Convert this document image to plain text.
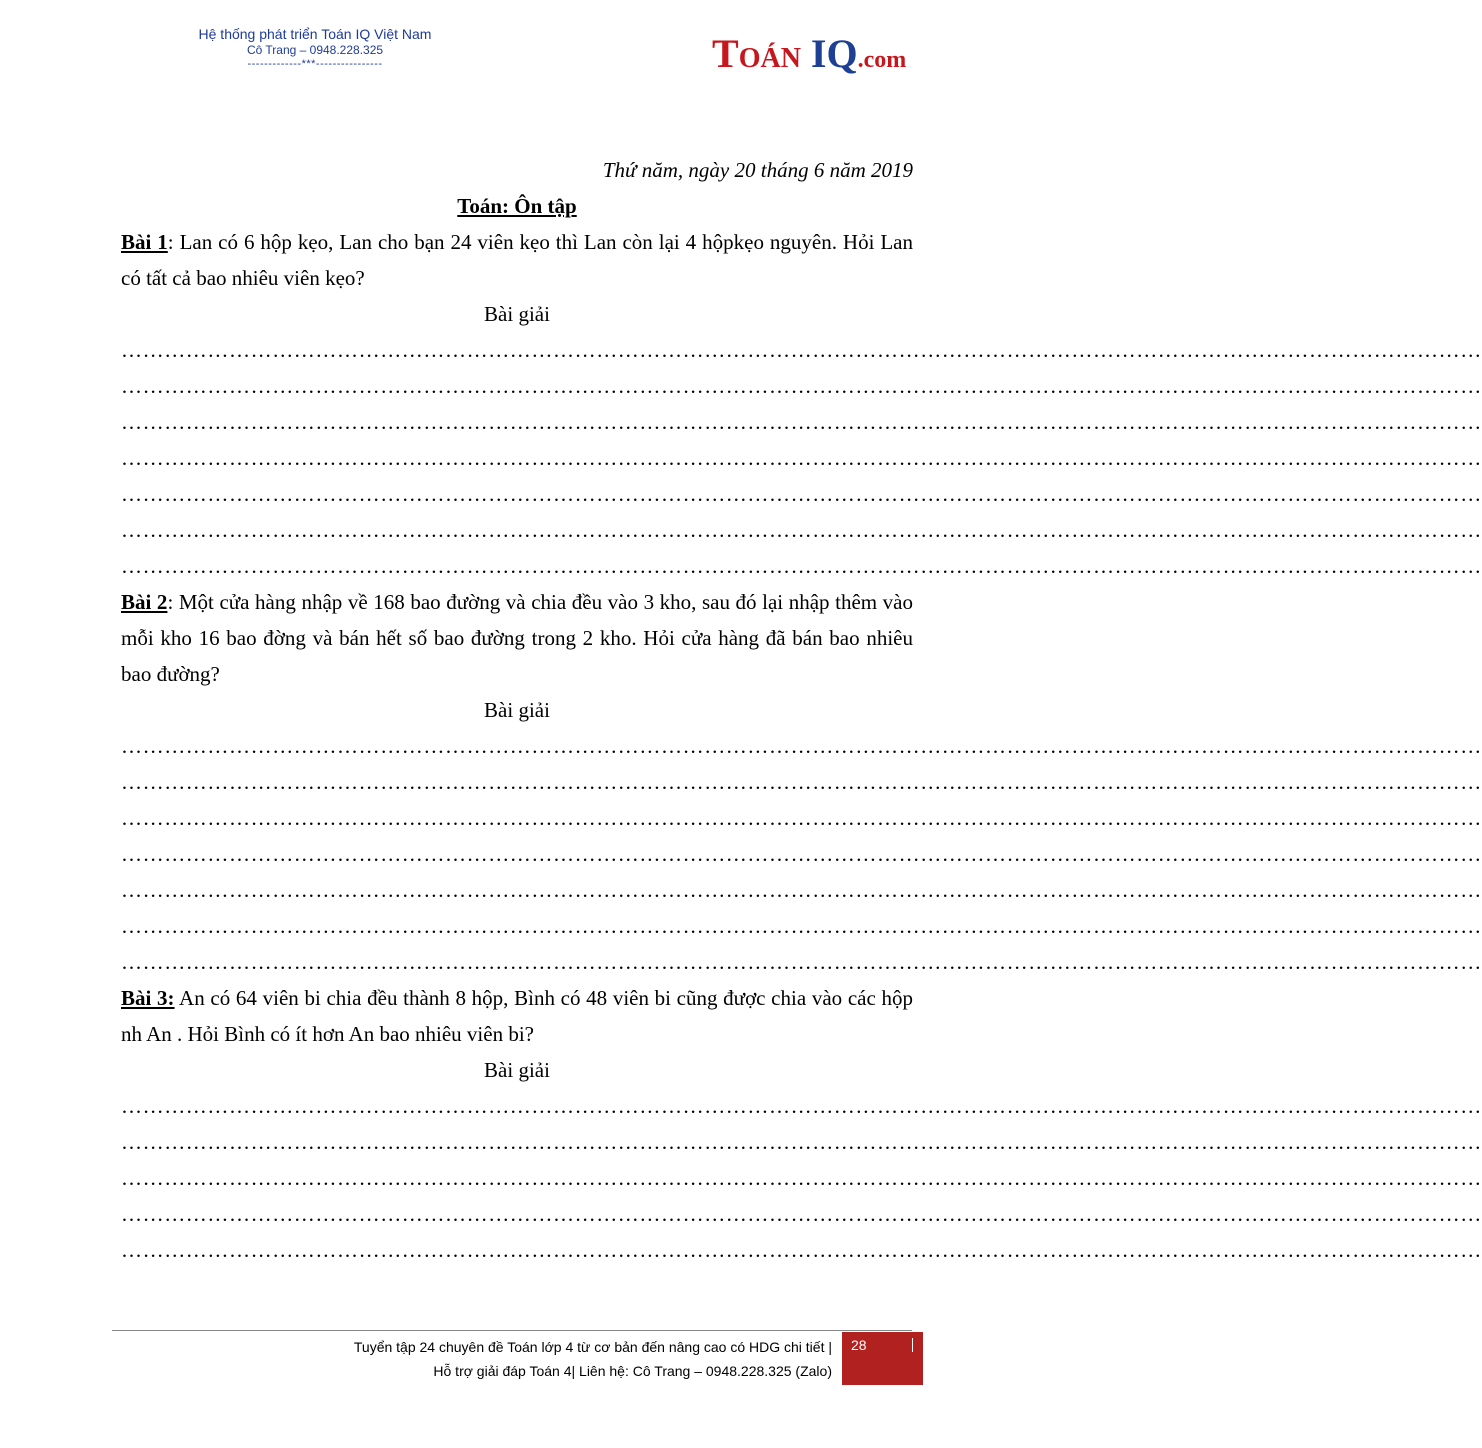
Hệ thống phát triển Toán IQ Việt Nam
Cô Trang – 0948.228.325
-------------***----------------	TOÁN IQ.com
Thứ năm, ngày 20 tháng 6 năm 2019
Toán: Ôn tập
Bài 1: Lan có 6 hộp kẹo, Lan cho bạn 24 viên kẹo thì Lan còn lại 4 hộpkẹo nguyên. Hỏi Lan có tất cả bao nhiêu viên kẹo?
Bài giải
………………………………………………………………………………………………………………………………………………………………………
………………………………………………………………………………………………………………………………………………………………………
………………………………………………………………………………………………………………………………………………………………………
………………………………………………………………………………………………………………………………………………………………………
………………………………………………………………………………………………………………………………………………………………………
………………………………………………………………………………………………………………………………………………………………………
………………………………………………………………………………………………………………………………………………………………………
Bài 2: Một cửa hàng nhập về 168 bao đường và chia đều vào 3 kho, sau đó lại nhập thêm vào mỗi kho 16 bao đờng và bán hết số bao đường trong 2 kho. Hỏi cửa hàng đã bán bao nhiêu bao đường?
Bài giải
………………………………………………………………………………………………………………………………………………………………………
………………………………………………………………………………………………………………………………………………………………………
………………………………………………………………………………………………………………………………………………………………………
………………………………………………………………………………………………………………………………………………………………………
………………………………………………………………………………………………………………………………………………………………………
………………………………………………………………………………………………………………………………………………………………………
………………………………………………………………………………………………………………………………………………………………………
Bài 3: An có 64 viên bi chia đều thành 8 hộp, Bình có 48 viên bi cũng được chia vào các hộp nh An . Hỏi Bình có ít hơn An bao nhiêu viên bi?
Bài giải
………………………………………………………………………………………………………………………………………………………………………
………………………………………………………………………………………………………………………………………………………………………
………………………………………………………………………………………………………………………………………………………………………
………………………………………………………………………………………………………………………………………………………………………
………………………………………………………………………………………………………………………………………………………………………
Tuyển tập 24 chuyên đề Toán lớp 4 từ cơ bản đến nâng cao có HDG chi tiết |
Hỗ trợ giải đáp Toán 4| Liên hệ: Cô Trang – 0948.228.325 (Zalo)
28
